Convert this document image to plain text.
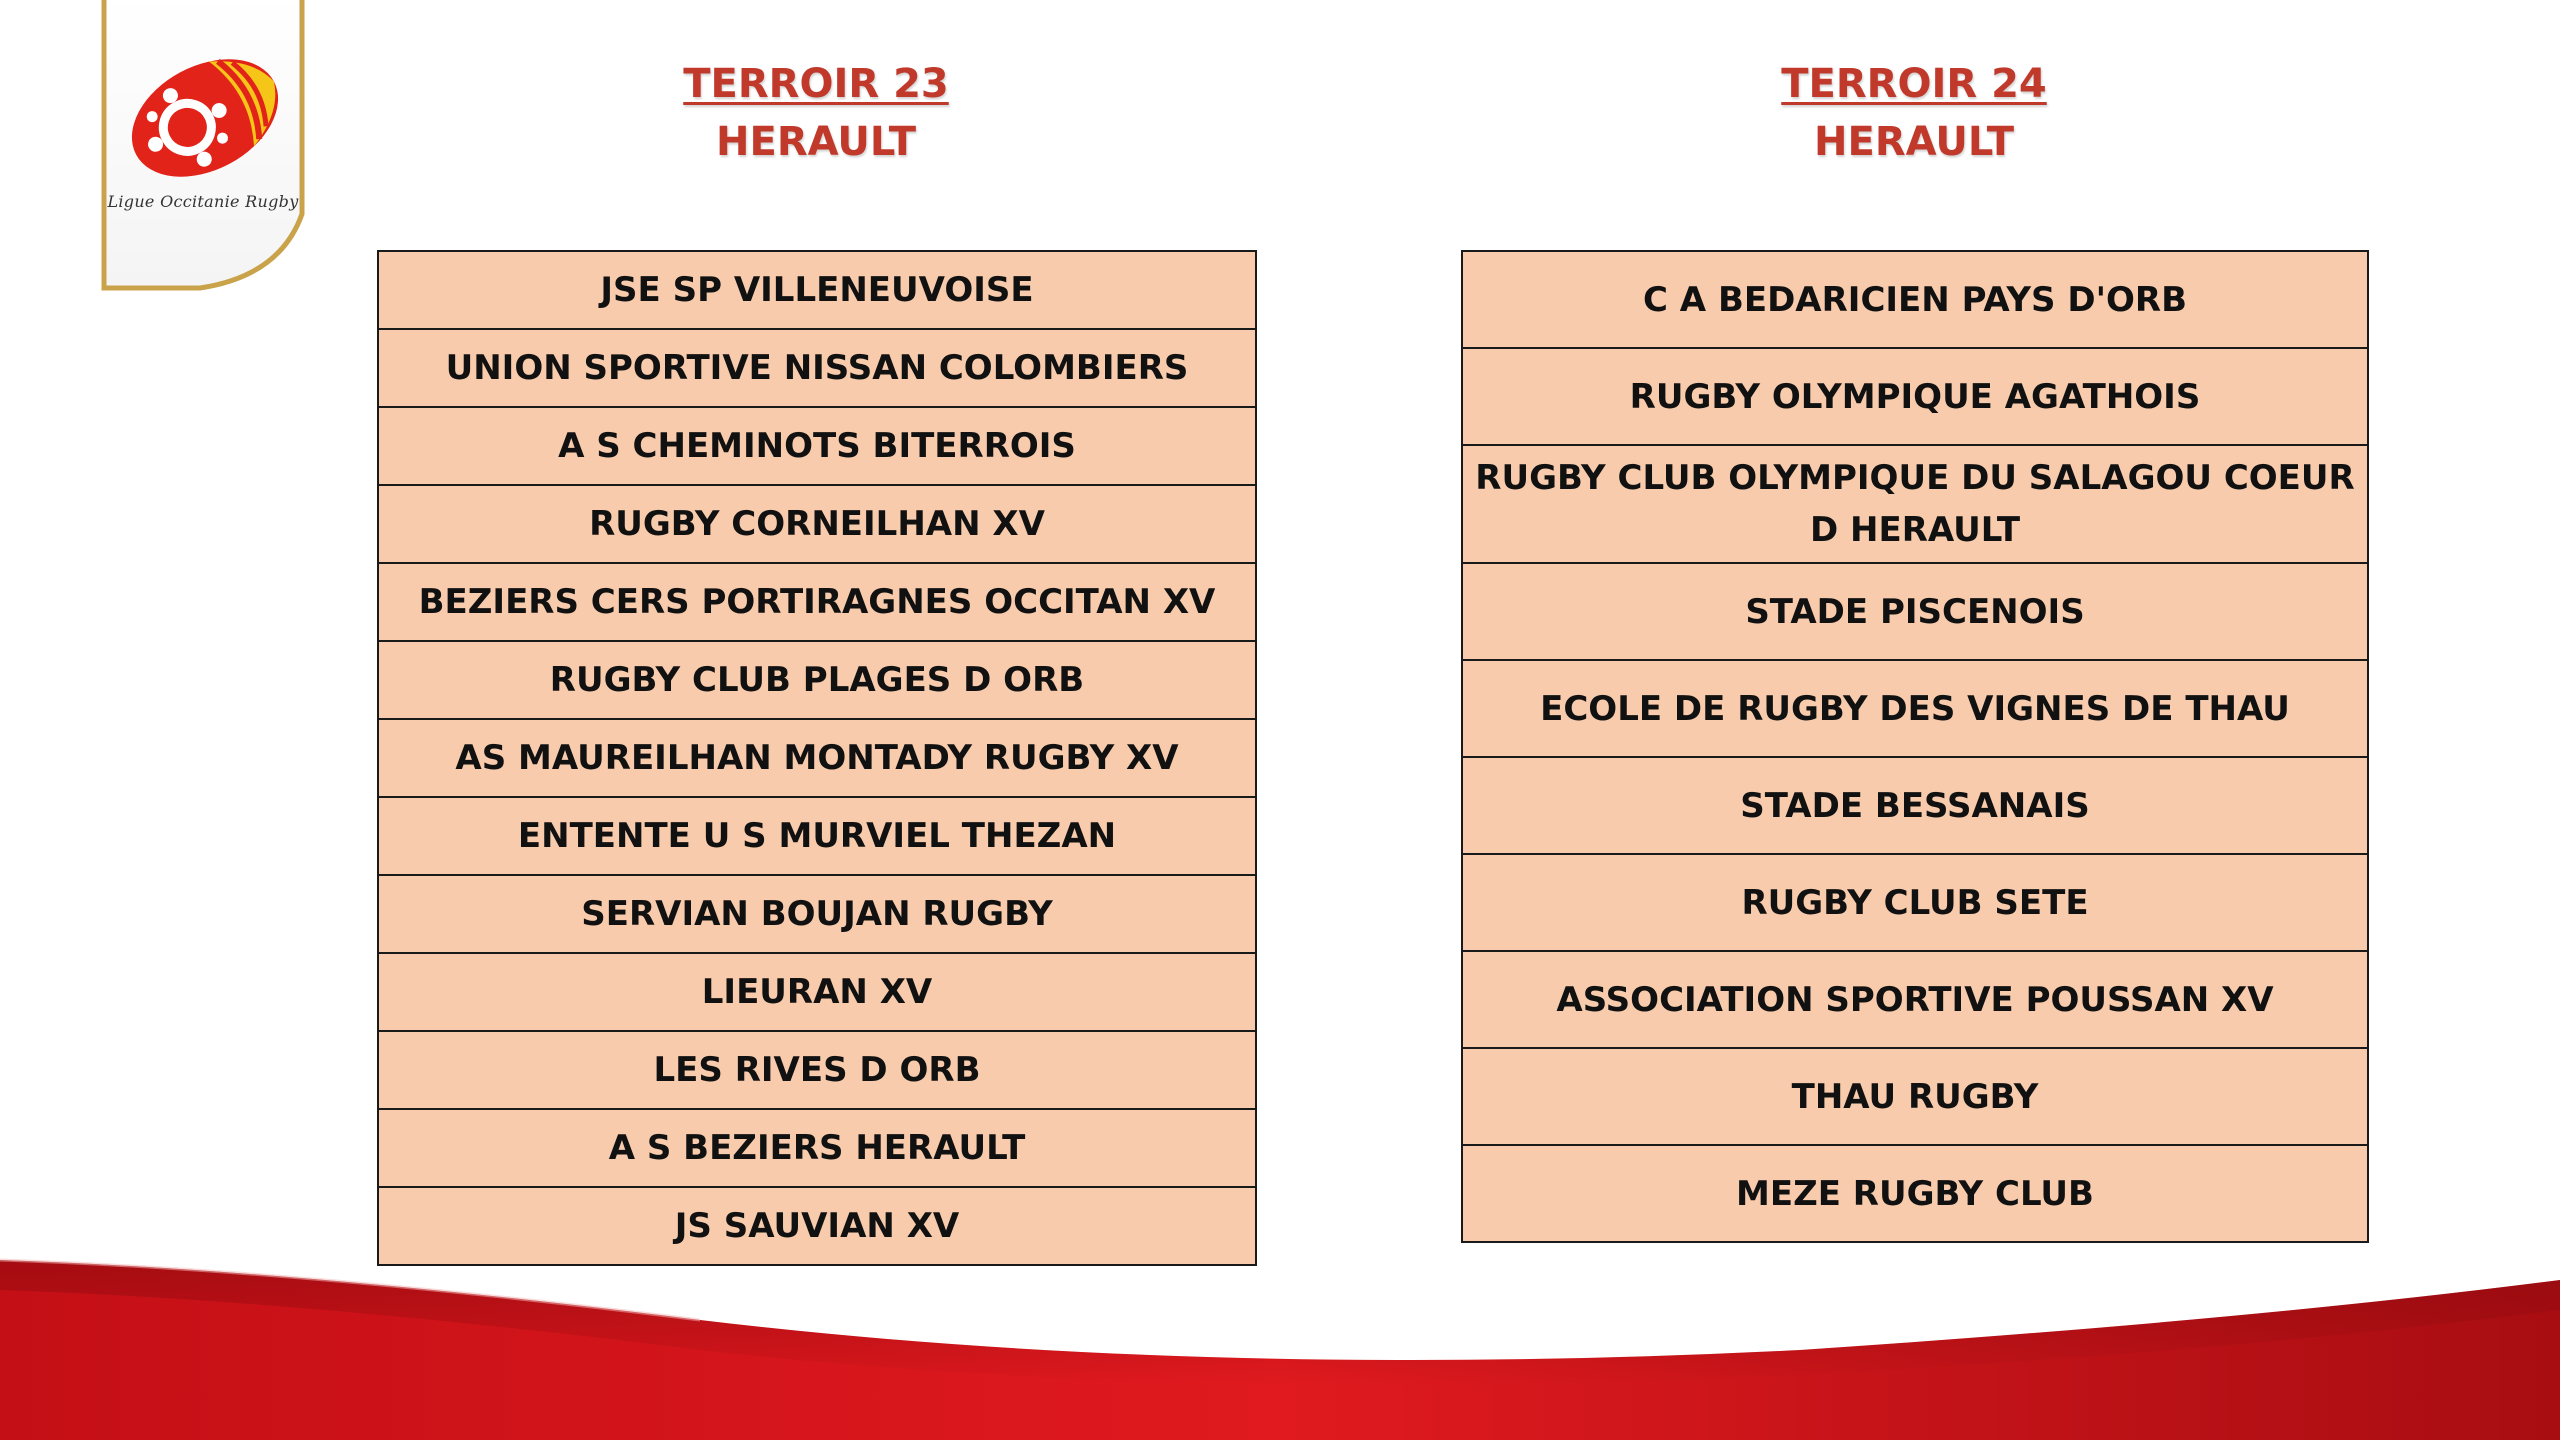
Ligue Occitanie Rugby
TERROIR 23
HERAULT
TERROIR 24
HERAULT
JSE SP VILLENEUVOISE
UNION SPORTIVE NISSAN COLOMBIERS
A S CHEMINOTS BITERROIS
RUGBY CORNEILHAN XV
BEZIERS CERS PORTIRAGNES OCCITAN XV
RUGBY CLUB PLAGES D ORB
AS MAUREILHAN MONTADY RUGBY XV
ENTENTE U S MURVIEL THEZAN
SERVIAN BOUJAN RUGBY
LIEURAN XV
LES RIVES D ORB
A S BEZIERS HERAULT
JS SAUVIAN XV
C A BEDARICIEN PAYS D'ORB
RUGBY OLYMPIQUE AGATHOIS
RUGBY CLUB OLYMPIQUE DU SALAGOU COEUR D HERAULT
STADE PISCENOIS
ECOLE DE RUGBY DES VIGNES DE THAU
STADE BESSANAIS
RUGBY CLUB SETE
ASSOCIATION SPORTIVE POUSSAN XV
THAU RUGBY
MEZE RUGBY CLUB
